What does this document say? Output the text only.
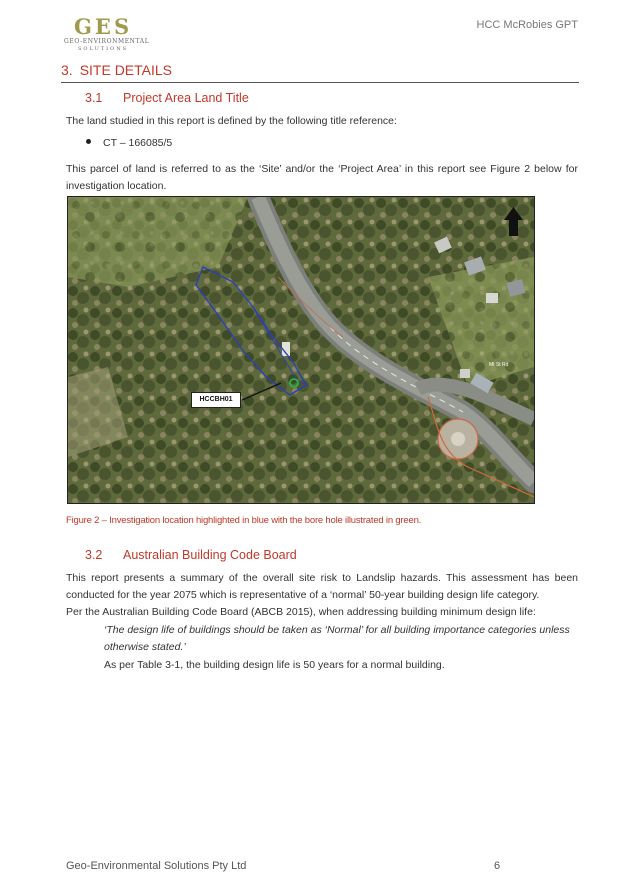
GES
GEO-ENVIRONMENTAL
SOLUTIONS
HCC McRobies GPT
3. SITE DETAILS
3.1 Project Area Land Title
The land studied in this report is defined by the following title reference:
CT – 166085/5
This parcel of land is referred to as the ‘Site’ and/or the ‘Project Area’ in this report see Figure 2 below for investigation location.
HCCBH01
Mt St Rd
Figure 2 – Investigation location highlighted in blue with the bore hole illustrated in green.
3.2 Australian Building Code Board
This report presents a summary of the overall site risk to Landslip hazards. This assessment has been conducted for the year 2075 which is representative of a ‘normal’ 50-year building design life category.
Per the Australian Building Code Board (ABCB 2015), when addressing building minimum design life:
‘The design life of buildings should be taken as ‘Normal’ for all building importance categories unless otherwise stated.’
As per Table 3-1, the building design life is 50 years for a normal building.
Geo-Environmental Solutions Pty Ltd	6
